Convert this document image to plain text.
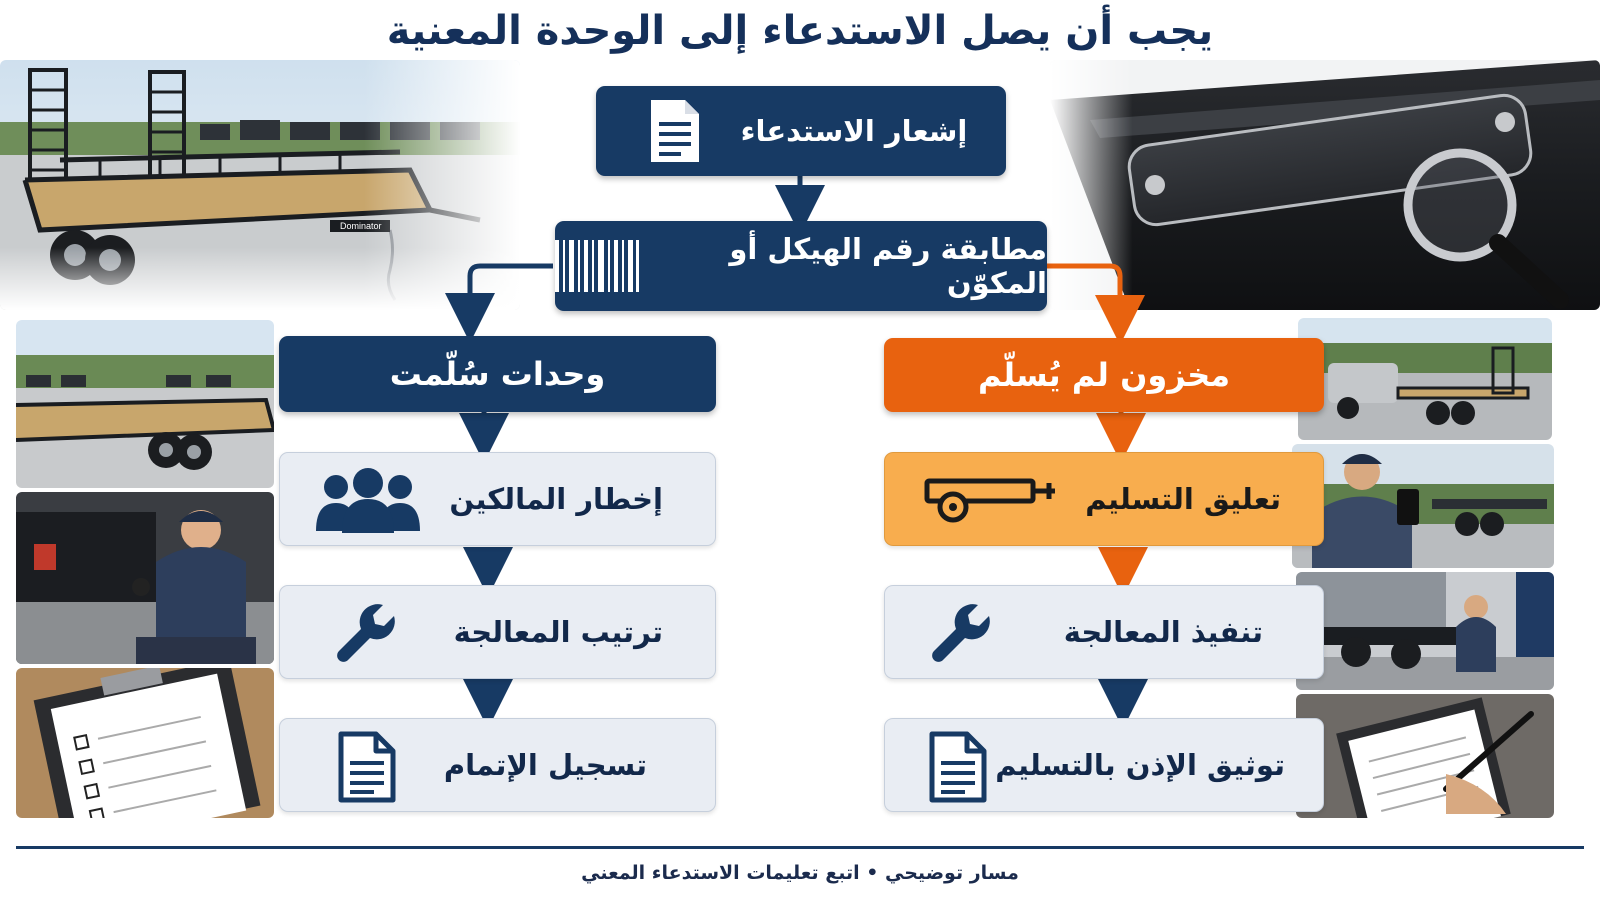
يجب أن يصل الاستدعاء إلى الوحدة المعنية
إشعار الاستدعاء
مطابقة رقم الهيكل أو المكوّن
وحدات سُلّمت	مخزون لم يُسلّم
إخطار المالكين
ترتيب المعالجة
تسجيل الإتمام
تعليق التسليم
تنفيذ المعالجة
توثيق الإذن بالتسليم
مسار توضيحي • اتبع تعليمات الاستدعاء المعني
